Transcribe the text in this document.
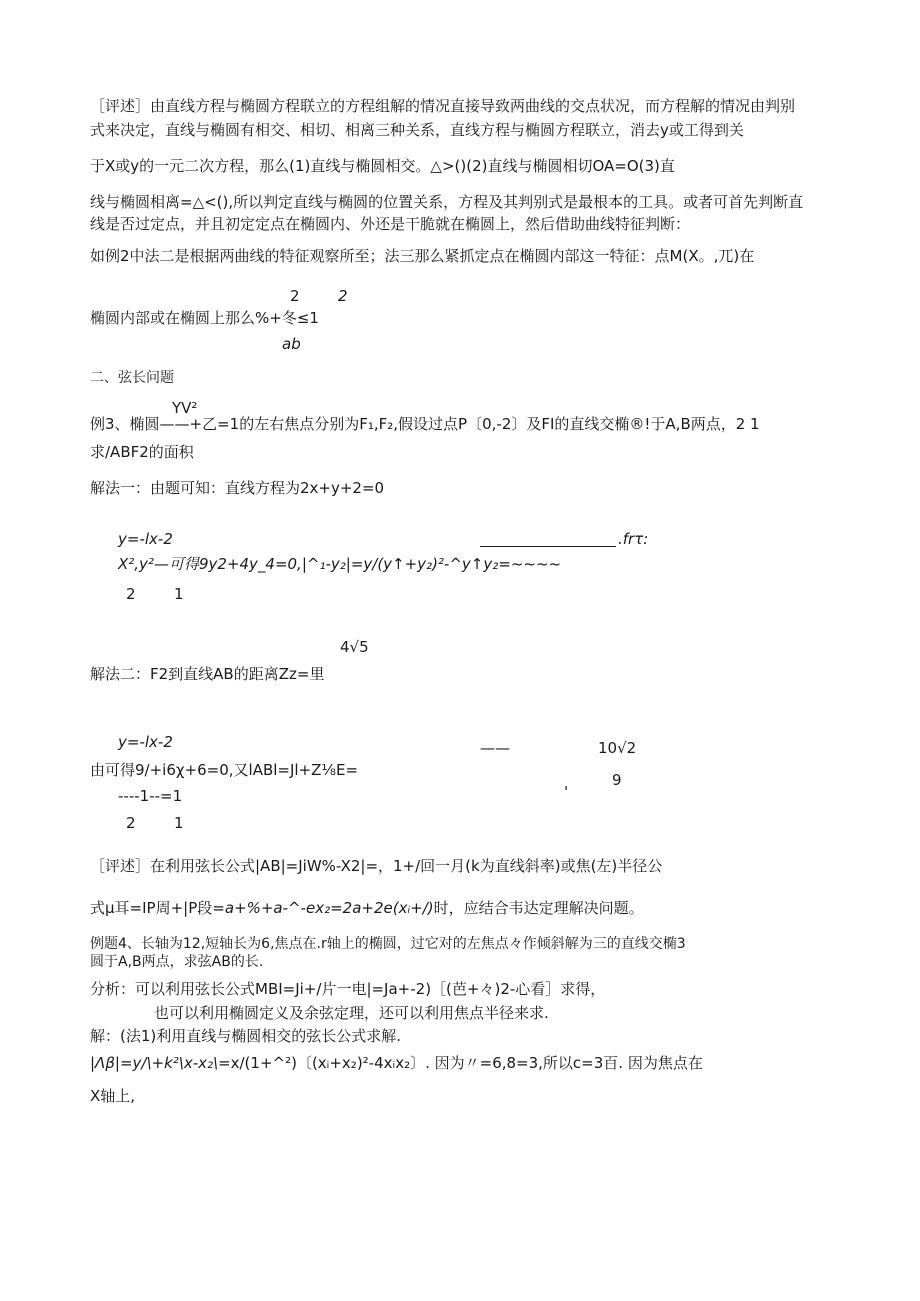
［评述］由直线方程与椭圆方程联立的方程组解的情况直接导致两曲线的交点状况，而方程解的情况由判别
式来决定，直线与椭圆有相交、相切、相离三种关系，直线方程与椭圆方程联立，消去y或工得到关
于X或y的一元二次方程，那么(1)直线与椭圆相交。△>()(2)直线与椭圆相切OA=O(3)直
线与椭圆相离=△<(),所以判定直线与椭圆的位置关系，方程及其判别式是最根本的工具。或者可首先判断直
线是否过定点，并且初定定点在椭圆内、外还是干脆就在椭圆上，然后借助曲线特征判断：
如例2中法二是根据两曲线的特征观察所至；法三那么紧抓定点在椭圆内部这一特征：点M(X。,兀)在
2	2
椭圆内部或在椭圆上那么%+冬≤1
ab
二、弦长问题
YV²
例3、椭圆——+乙=1的左右焦点分别为F₁,F₂,假设过点P〔0,-2〕及FI的直线交椭®!于A,B两点，2 1
求/ABF2的面积
解法一：由题可知：直线方程为2x+y+2=0
y=-lx-2	.frτ:
X²,y²—可得9y2+4y_4=0,|^₁-y₂|=y/(y↑+y₂)²-^y↑y₂=~~~~
2	1
4√5
解法二：F2到直线AB的距离Zz=里
y=-lx-2	——	10√2
由可得9∕+i6χ+6=0,又lABl=Jl+Z⅛E=
9
'
----1--=1
2	1
［评述］在利用弦长公式|AB|=JiW%-X2|=，1+/回一月(k为直线斜率)或焦(左)半径公
式μ耳=IP周+|P段=a+%+a-^-ex₂=2a+2e(xᵢ+/)时，应结合韦达定理解决问题。
例题4、长轴为12,短轴长为6,焦点在.r轴上的椭圆，过它对的左焦点々作倾斜解为三的直线交椭3
圆于A,B两点，求弦AB的长.
分析：可以利用弦长公式MBI=Ji+/片一电|=Ja+-2)［(芭+々)2-心看］求得，
也可以利用椭圆定义及余弦定理，还可以利用焦点半径来求.
解：(法1)利用直线与椭圆相交的弦长公式求解.
|Λβ|=y/\+k²\x-x₂\=x/(1+^²)〔(xᵢ+x₂)²-4xᵢx₂〕. 因为〃=6,8=3,所以c=3百. 因为焦点在
X轴上,
